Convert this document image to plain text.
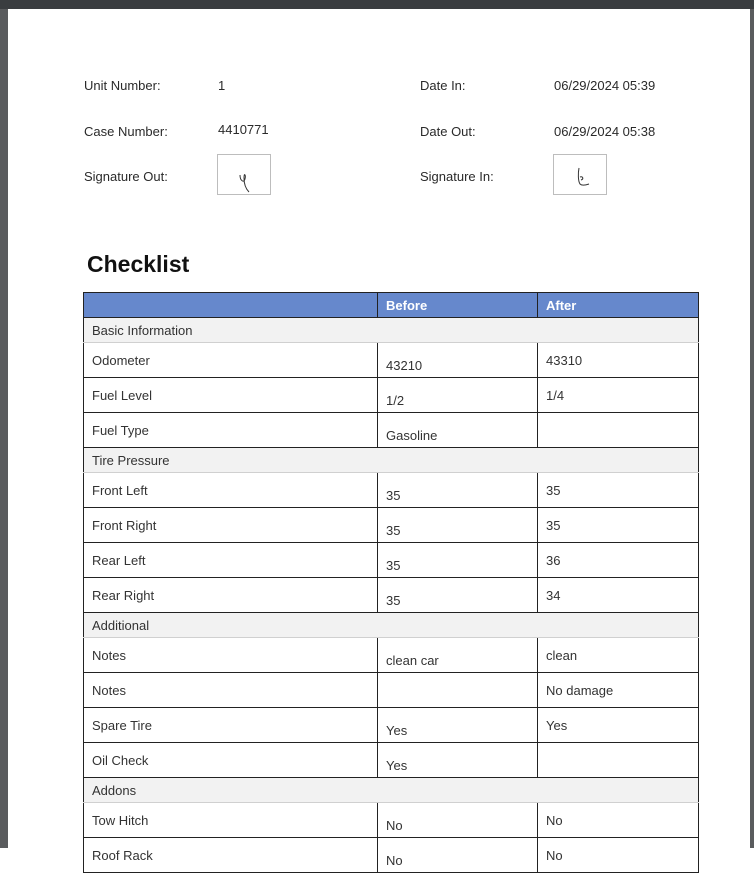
Unit Number:	1
Case Number:	4410771
Signature Out:
Date In:	06/29/2024 05:39
Date Out:	06/29/2024 05:38
Signature In:
Checklist
	Before	After
Basic Information		
Odometer	43210	43310
Fuel Level	1/2	1/4
Fuel Type	Gasoline	
Tire Pressure		
Front Left	35	35
Front Right	35	35
Rear Left	35	36
Rear Right	35	34
Additional		
Notes	clean car	clean
Notes		No damage
Spare Tire	Yes	Yes
Oil Check	Yes	
Addons		
Tow Hitch	No	No
Roof Rack	No	No
